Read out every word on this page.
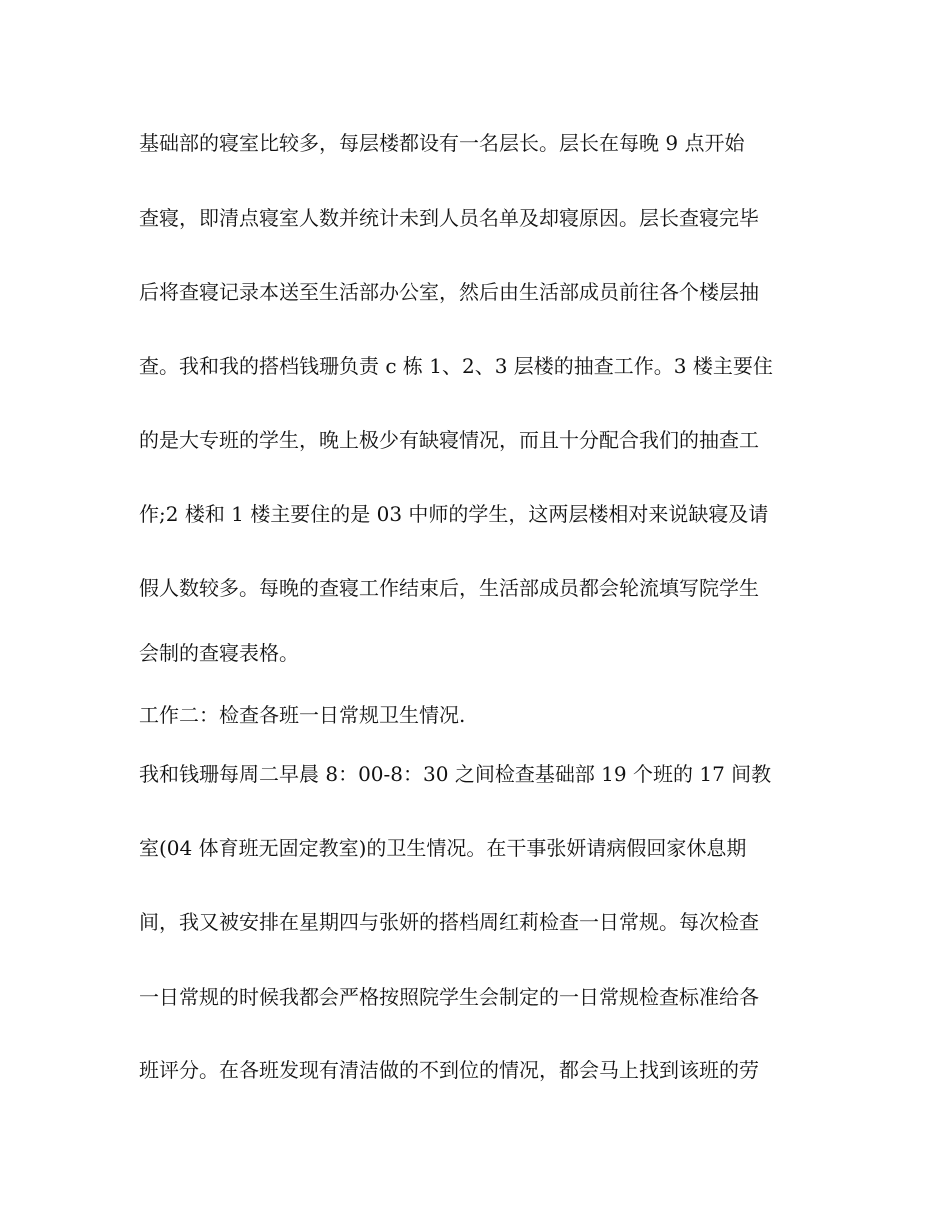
基础部的寝室比较多，每层楼都设有一名层长。层长在每晚 9 点开始
查寝，即清点寝室人数并统计未到人员名单及却寝原因。层长查寝完毕
后将查寝记录本送至生活部办公室，然后由生活部成员前往各个楼层抽
查。我和我的搭档钱珊负责 c 栋 1、2、3 层楼的抽查工作。3 楼主要住
的是大专班的学生，晚上极少有缺寝情况，而且十分配合我们的抽查工
作;2 楼和 1 楼主要住的是 03 中师的学生，这两层楼相对来说缺寝及请
假人数较多。每晚的查寝工作结束后，生活部成员都会轮流填写院学生
会制的查寝表格。
工作二：检查各班一日常规卫生情况.
我和钱珊每周二早晨 8：00-8：30 之间检查基础部 19 个班的 17 间教
室(04 体育班无固定教室)的卫生情况。在干事张妍请病假回家休息期
间，我又被安排在星期四与张妍的搭档周红莉检查一日常规。每次检查
一日常规的时候我都会严格按照院学生会制定的一日常规检查标准给各
班评分。在各班发现有清洁做的不到位的情况，都会马上找到该班的劳
